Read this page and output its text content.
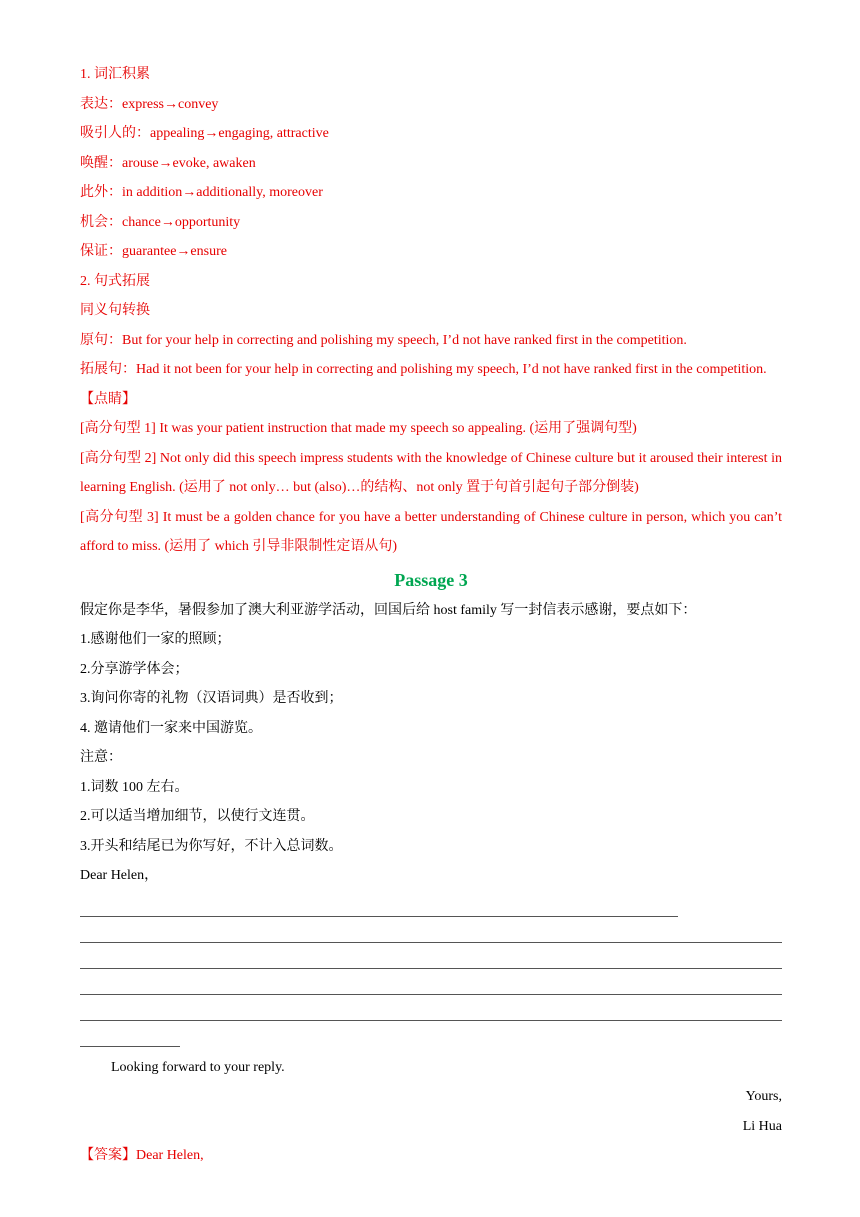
1. 词汇积累
表达：express→convey
吸引人的：appealing→engaging, attractive
唤醒：arouse→evoke, awaken
此外：in addition→additionally, moreover
机会：chance→opportunity
保证：guarantee→ensure
2. 句式拓展
同义句转换
原句：But for your help in correcting and polishing my speech, I’d not have ranked first in the competition.
拓展句：Had it not been for your help in correcting and polishing my speech, I’d not have ranked first in the competition.
【点睛】
[高分句型 1] It was your patient instruction that made my speech so appealing. (运用了强调句型)
[高分句型 2] Not only did this speech impress students with the knowledge of Chinese culture but it aroused their interest in learning English. (运用了 not only… but (also)…的结构、not only 置于句首引起句子部分倒装)
[高分句型 3] It must be a golden chance for you have a better understanding of Chinese culture in person, which you can’t afford to miss. (运用了 which 引导非限制性定语从句)
Passage 3
假定你是李华，暑假参加了澳大利亚游学活动，回国后给 host family 写一封信表示感谢，要点如下：
1.感谢他们一家的照顾；
2.分享游学体会；
3.询问你寄的礼物（汉语词典）是否收到；
4. 邀请他们一家来中国游览。
注意：
1.词数 100 左右。
2.可以适当增加细节，以使行文连贯。
3.开头和结尾已为你写好，不计入总词数。
Dear Helen，
Looking forward to your reply.
Yours,
Li Hua
【答案】Dear Helen,
